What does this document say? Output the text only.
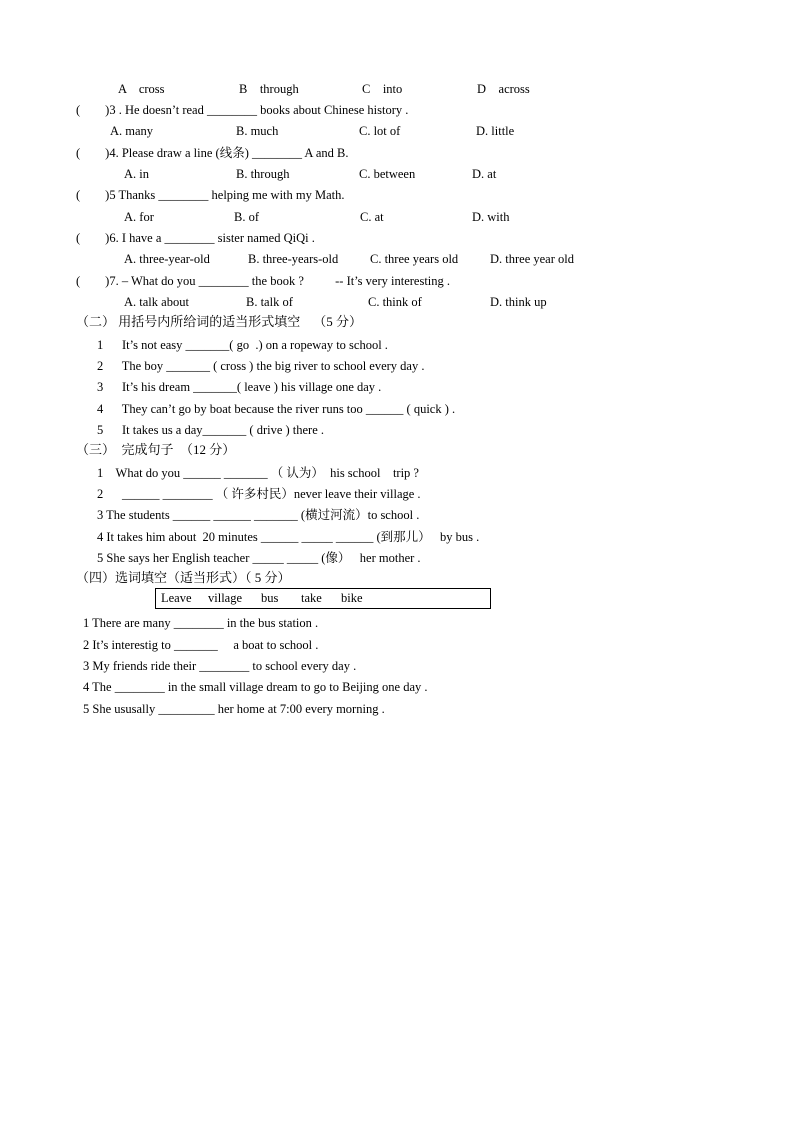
A    cross	B    through	C    into	D    across
(        )3 . He doesn’t read ________ books about Chinese history .
A. many	B. much	C. lot of	D. little
(        )4. Please draw a line (线条) ________ A and B.
A. in	B. through	C. between	D. at
(        )5 Thanks ________ helping me with my Math.
A. for	B. of	C. at	D. with
(        )6. I have a ________ sister named QiQi .
A. three-year-old	B. three-years-old	C. three years old	D. three year old
(        )7. – What do you ________ the book ?          -- It’s very interesting .
A. talk about	B. talk of	C. think of	D. think up
（二） 用括号内所给词的适当形式填空    （5 分）
1      It’s not easy _______( go  .) on a ropeway to school .
2      The boy _______ ( cross ) the big river to school every day .
3      It’s his dream _______( leave ) his village one day .
4      They can’t go by boat because the river runs too ______ ( quick ) .
5      It takes us a day_______ ( drive ) there .
（三）  完成句子  （12 分）
1    What do you ______ _______ （ 认为）  his school    trip ?
2      ______ ________ （ 许多村民）never leave their village .
3 The students ______ ______ _______ (横过河流）to school .
4 It takes him about  20 minutes ______ _____ ______ (到那儿）   by bus .
5 She says her English teacher _____ _____ (像）   her mother .
（四）选词填空（适当形式）（ 5 分）
Leave village bus take bike
1 There are many ________ in the bus station .
2 It’s interestig to _______     a boat to school .
3 My friends ride their ________ to school every day .
4 The ________ in the small village dream to go to Beijing one day .
5 She ususally _________ her home at 7:00 every morning .
